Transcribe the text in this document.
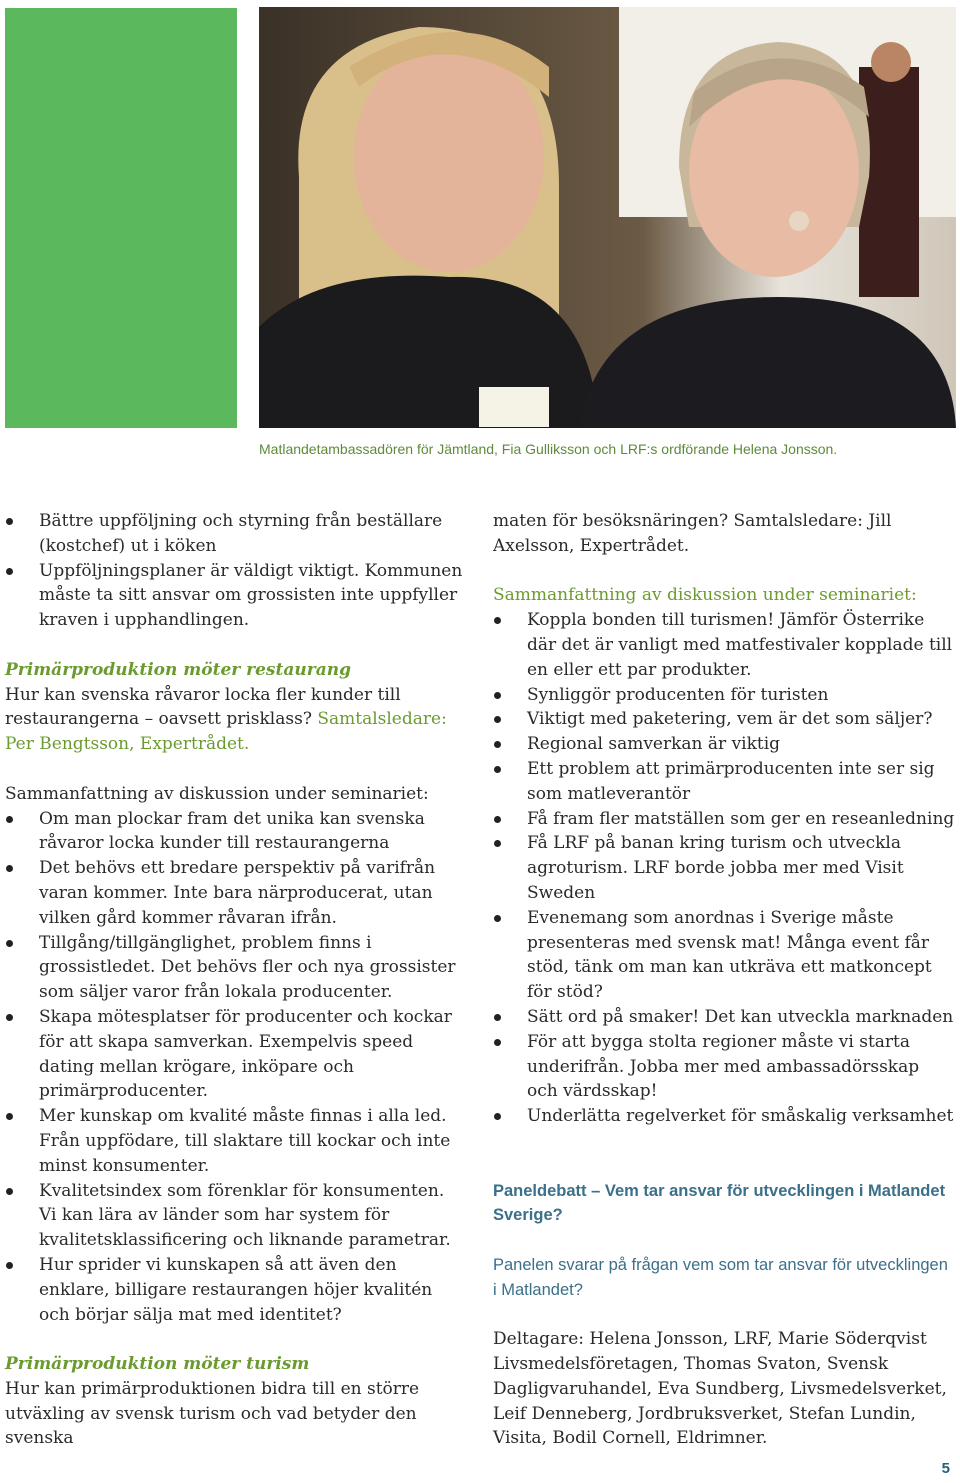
Matlandetambassadören för Jämtland, Fia Gulliksson och LRF:s ordförande Helena Jonsson.
Bättre uppföljning och styrning från beställare (kostchef) ut i köken
Uppföljningsplaner är väldigt viktigt. Kommunen måste ta sitt ansvar om grossisten inte uppfyller kraven i upphandlingen.

Primärproduktion möter restaurang

Hur kan svenska råvaror locka fler kunder till restaurangerna – oavsett prisklass? Samtalsledare: Per Bengtsson, Expertrådet.

Sammanfattning av diskussion under seminariet:

Om man plockar fram det unika kan svenska råvaror locka kunder till restaurangerna
Det behövs ett bredare perspektiv på varifrån varan kommer. Inte bara närproducerat, utan vilken gård kommer råvaran ifrån.
Tillgång/tillgänglighet, problem finns i grossistledet. Det behövs fler och nya grossister som säljer varor från lokala producenter.
Skapa mötesplatser för producenter och kockar för att skapa samverkan. Exempelvis speed dating mellan krögare, inköpare och primärproducenter.
Mer kunskap om kvalité måste finnas i alla led. Från uppfödare, till slaktare till kockar och inte minst konsumenter.
Kvalitetsindex som förenklar för konsumenten. Vi kan lära av länder som har system för kvalitetsklassificering och liknande parametrar.
Hur sprider vi kunskapen så att även den enklare, billigare restaurangen höjer kvalitén och börjar sälja mat med identitet?

Primärproduktion möter turism

Hur kan primärproduktionen bidra till en större utväxling av svensk turism och vad betyder den svenska

maten för besöksnäringen? Samtalsledare: Jill Axelsson, Expertrådet.

Sammanfattning av diskussion under seminariet:

Koppla bonden till turismen! Jämför Österrike där det är vanligt med matfestivaler kopplade till en eller ett par produkter.
Synliggör producenten för turisten
Viktigt med paketering, vem är det som säljer?
Regional samverkan är viktig
Ett problem att primärproducenten inte ser sig som matleverantör
Få fram fler matställen som ger en reseanledning
Få LRF på banan kring turism och utveckla agroturism. LRF borde jobba mer med Visit Sweden
Evenemang som anordnas i Sverige måste presenteras med svensk mat! Många event får stöd, tänk om man kan utkräva ett matkoncept för stöd?
Sätt ord på smaker! Det kan utveckla marknaden
För att bygga stolta regioner måste vi starta underifrån. Jobba mer med ambassadörsskap och värdsskap!
Underlätta regelverket för småskalig verksamhet

Paneldebatt – Vem tar ansvar för utvecklingen i Matlandet Sverige?

Panelen svarar på frågan vem som tar ansvar för utvecklingen i Matlandet?

Deltagare: Helena Jonsson, LRF, Marie Söderqvist Livsmedelsföretagen, Thomas Svaton, Svensk Dagligvaruhandel, Eva Sundberg, Livsmedelsverket, Leif Denneberg, Jordbruksverket, Stefan Lundin, Visita, Bodil Cornell, Eldrimner.

5
